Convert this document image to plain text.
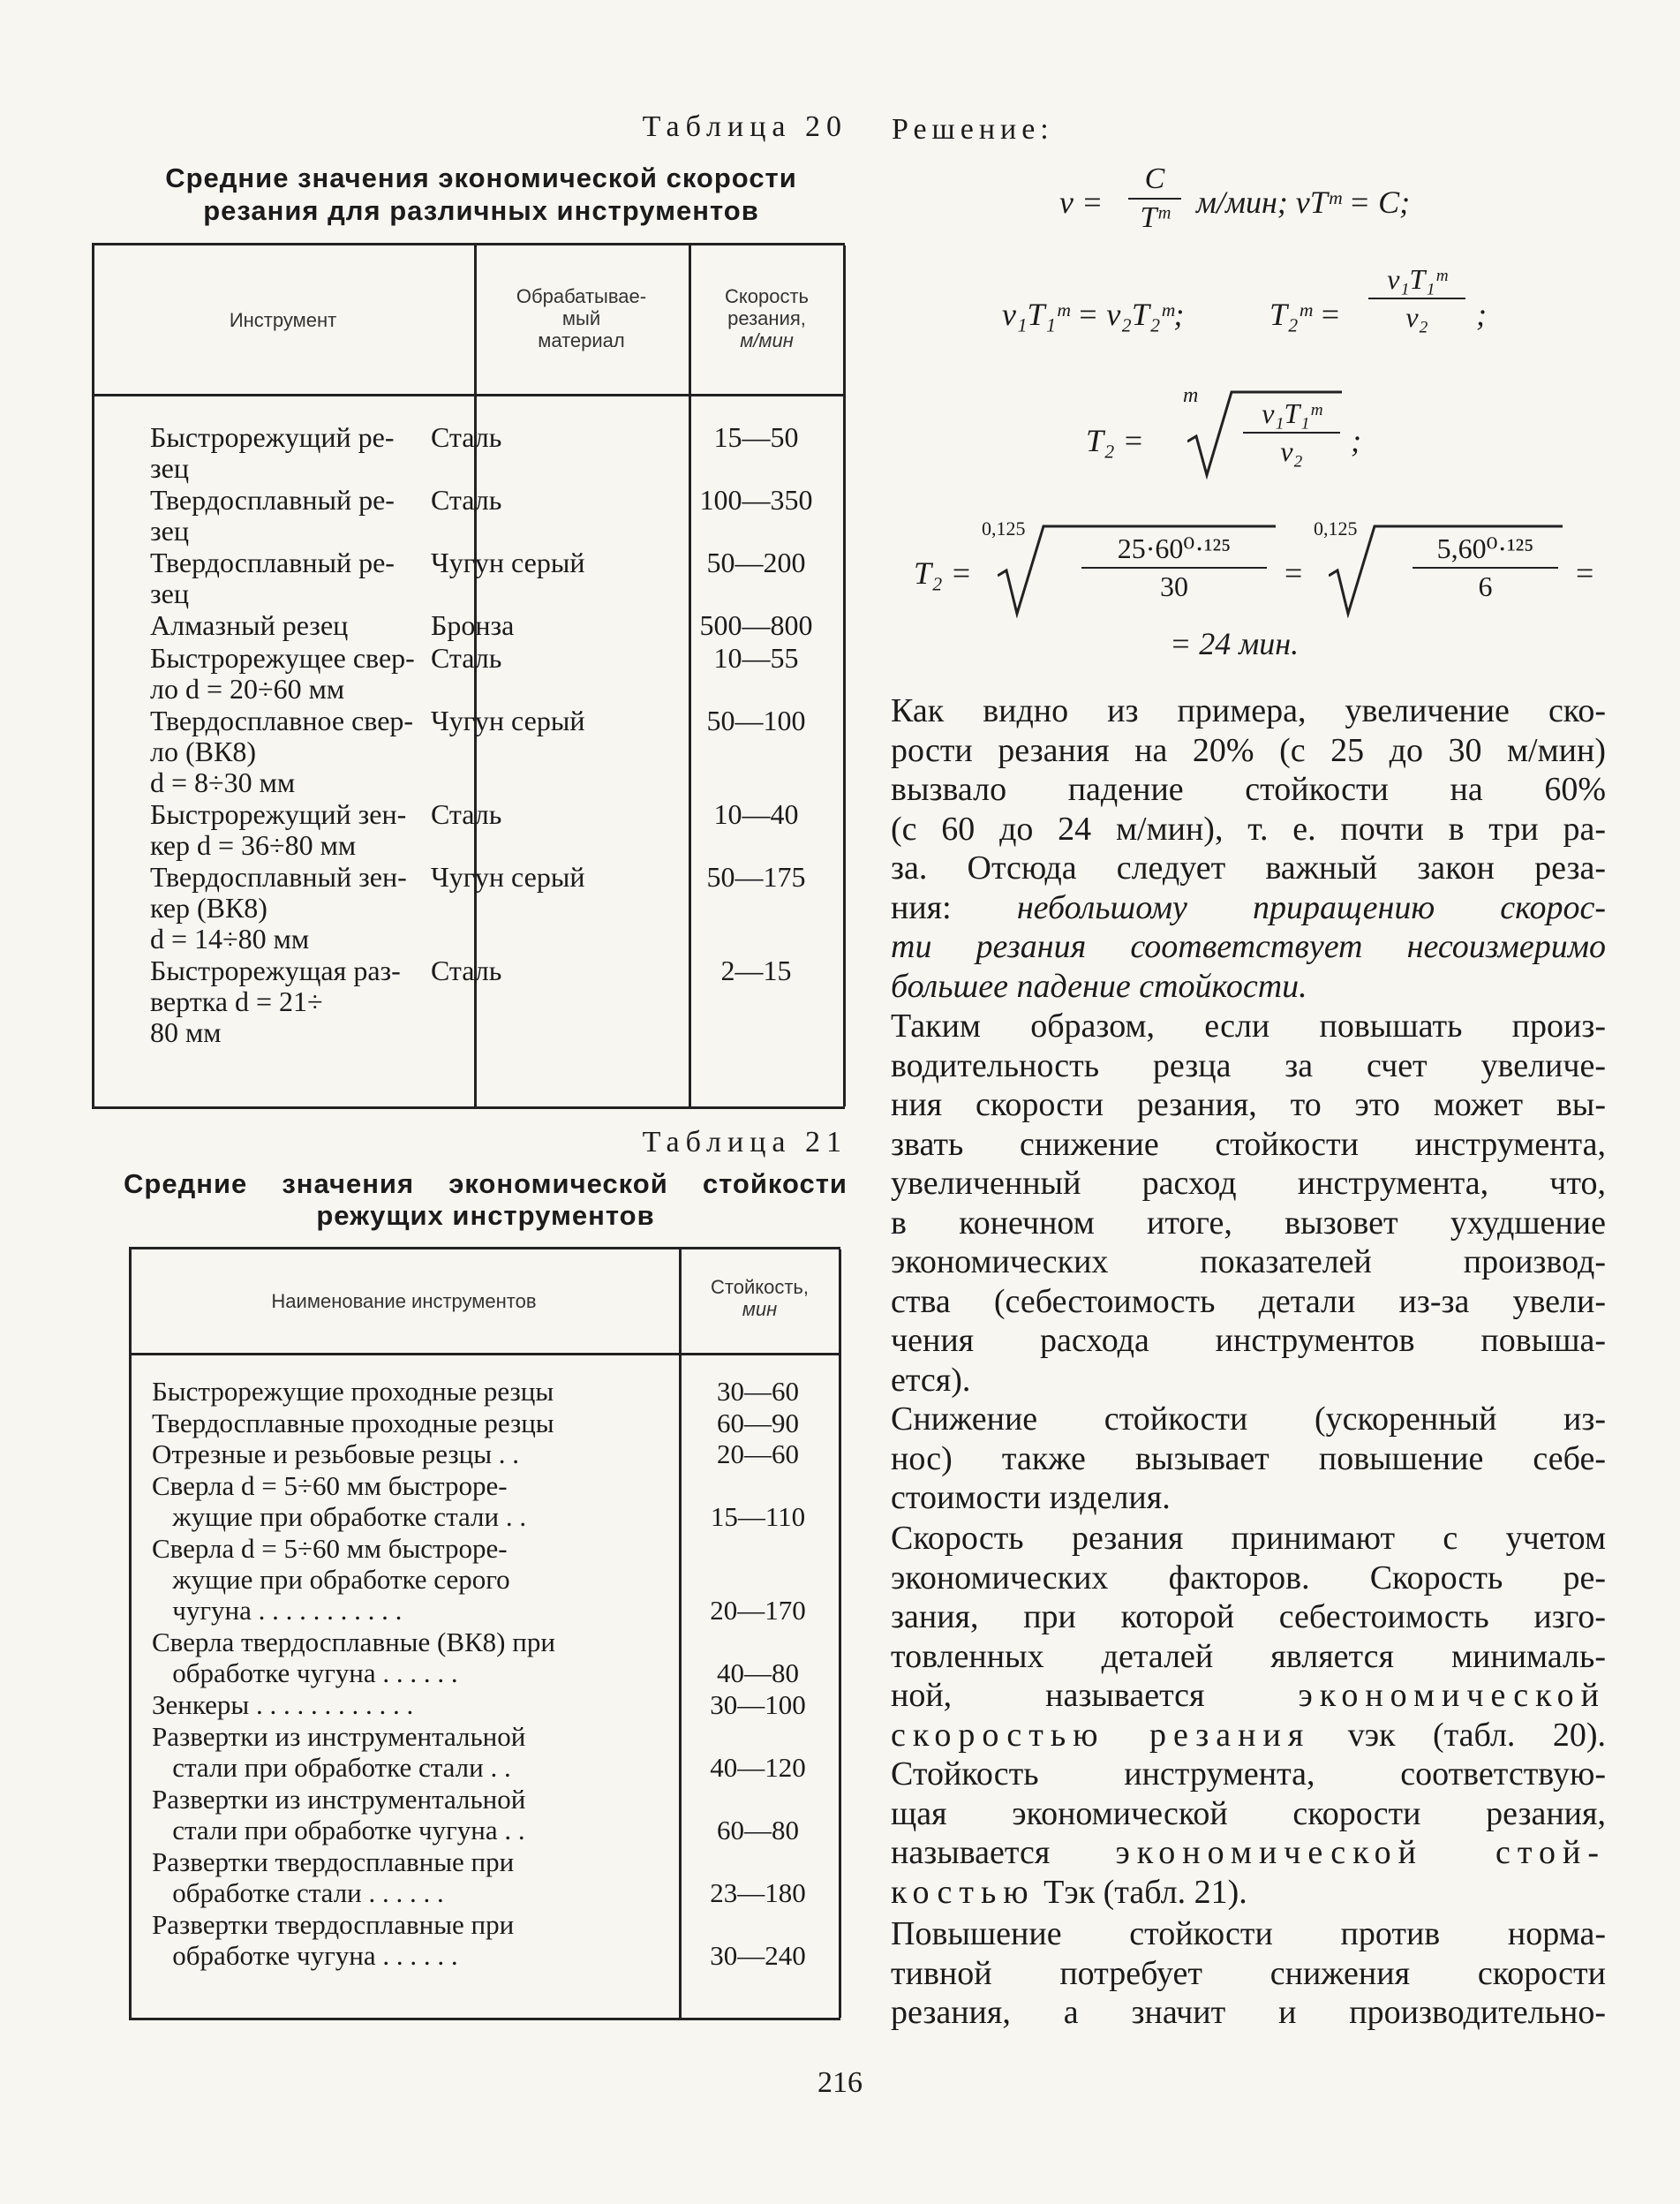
Таблица 20
Средние значения экономической скорости
резания для различных инструментов
Инструмент
Обрабатывае-
мый
материал
Скорость
резания,
м/мин
Быстрорежущий ре-
зец
Сталь	15—50
Твердосплавный ре-
зец
Сталь	100—350
Твердосплавный ре-
зец
Чугун серый	50—200
Алмазный резец	Бронза	500—800
Быстрорежущее свер-
ло d = 20÷60 мм
Сталь	10—55
Твердосплавное свер-
ло (ВК8)
d = 8÷30 мм
Чугун серый	50—100
Быстрорежущий зен-
кер d = 36÷80 мм
Сталь	10—40
Твердосплавный зен-
кер (ВК8)
d = 14÷80 мм
Чугун серый	50—175
Быстрорежущая раз-
вертка d = 21÷
80 мм
Сталь	2—15
Таблица 21
Средние значения экономической стойкости
режущих инструментов
Наименование инструментов
Стойкость,
мин
Быстрорежущие проходные резцы	30—60
Твердосплавные проходные резцы	60—90
Отрезные и резьбовые резцы . .	20—60
Сверла d = 5÷60 мм быстроре-
жущие при обработке стали . .	15—110
Сверла d = 5÷60 мм быстроре-
жущие при обработке серого
чугуна . . . . . . . . . . .	20—170
Сверла твердосплавные (ВК8) при
обработке чугуна . . . . . .	40—80
Зенкеры . . . . . . . . . . . .	30—100
Развертки из инструментальной
стали при обработке стали . .	40—120
Развертки из инструментальной
стали при обработке чугуна . .	60—80
Развертки твердосплавные при
обработке стали . . . . . .	23—180
Развертки твердосплавные при
обработке чугуна . . . . . .	30—240
Решение:
v =
C
Tᵐ м/мин; vTᵐ = C;
v₁T₁ᵐ = v₂T₂ᵐ;	T₂ᵐ =
v₁T₁ᵐ
v₂	;
T₂ =
m
v₁T₁ᵐ
v₂	;
T₂ =
0,125
25·60⁰·¹²⁵
30	=
0,125
5,60⁰·¹²⁵
6	=
= 24 мин.
Как видно из примера, увеличение ско-
рости резания на 20% (с 25 до 30 м/мин)
вызвало падение стойкости на 60%
(с 60 до 24 м/мин), т. е. почти в три ра-
за. Отсюда следует важный закон реза-
ния: небольшому приращению скорос-
ти резания соответствует несоизмеримо
большее падение стойкости.
Таким образом, если повышать произ-
водительность резца за счет увеличе-
ния скорости резания, то это может вы-
звать снижение стойкости инструмента,
увеличенный расход инструмента, что,
в конечном итоге, вызовет ухудшение
экономических показателей производ-
ства (себестоимость детали из-за увели-
чения расхода инструментов повыша-
ется).
Снижение стойкости (ускоренный из-
нос) также вызывает повышение себе-
стоимости изделия.
Скорость резания принимают с учетом
экономических факторов. Скорость ре-
зания, при которой себестоимость изго-
товленных деталей является минималь-
ной, называется экономической
скоростью резания vэк (табл. 20).
Стойкость инструмента, соответствую-
щая экономической скорости резания,
называется экономической стой-
костью Tэк (табл. 21).
Повышение стойкости против норма-
тивной потребует снижения скорости
резания, а значит и производительно-
216
